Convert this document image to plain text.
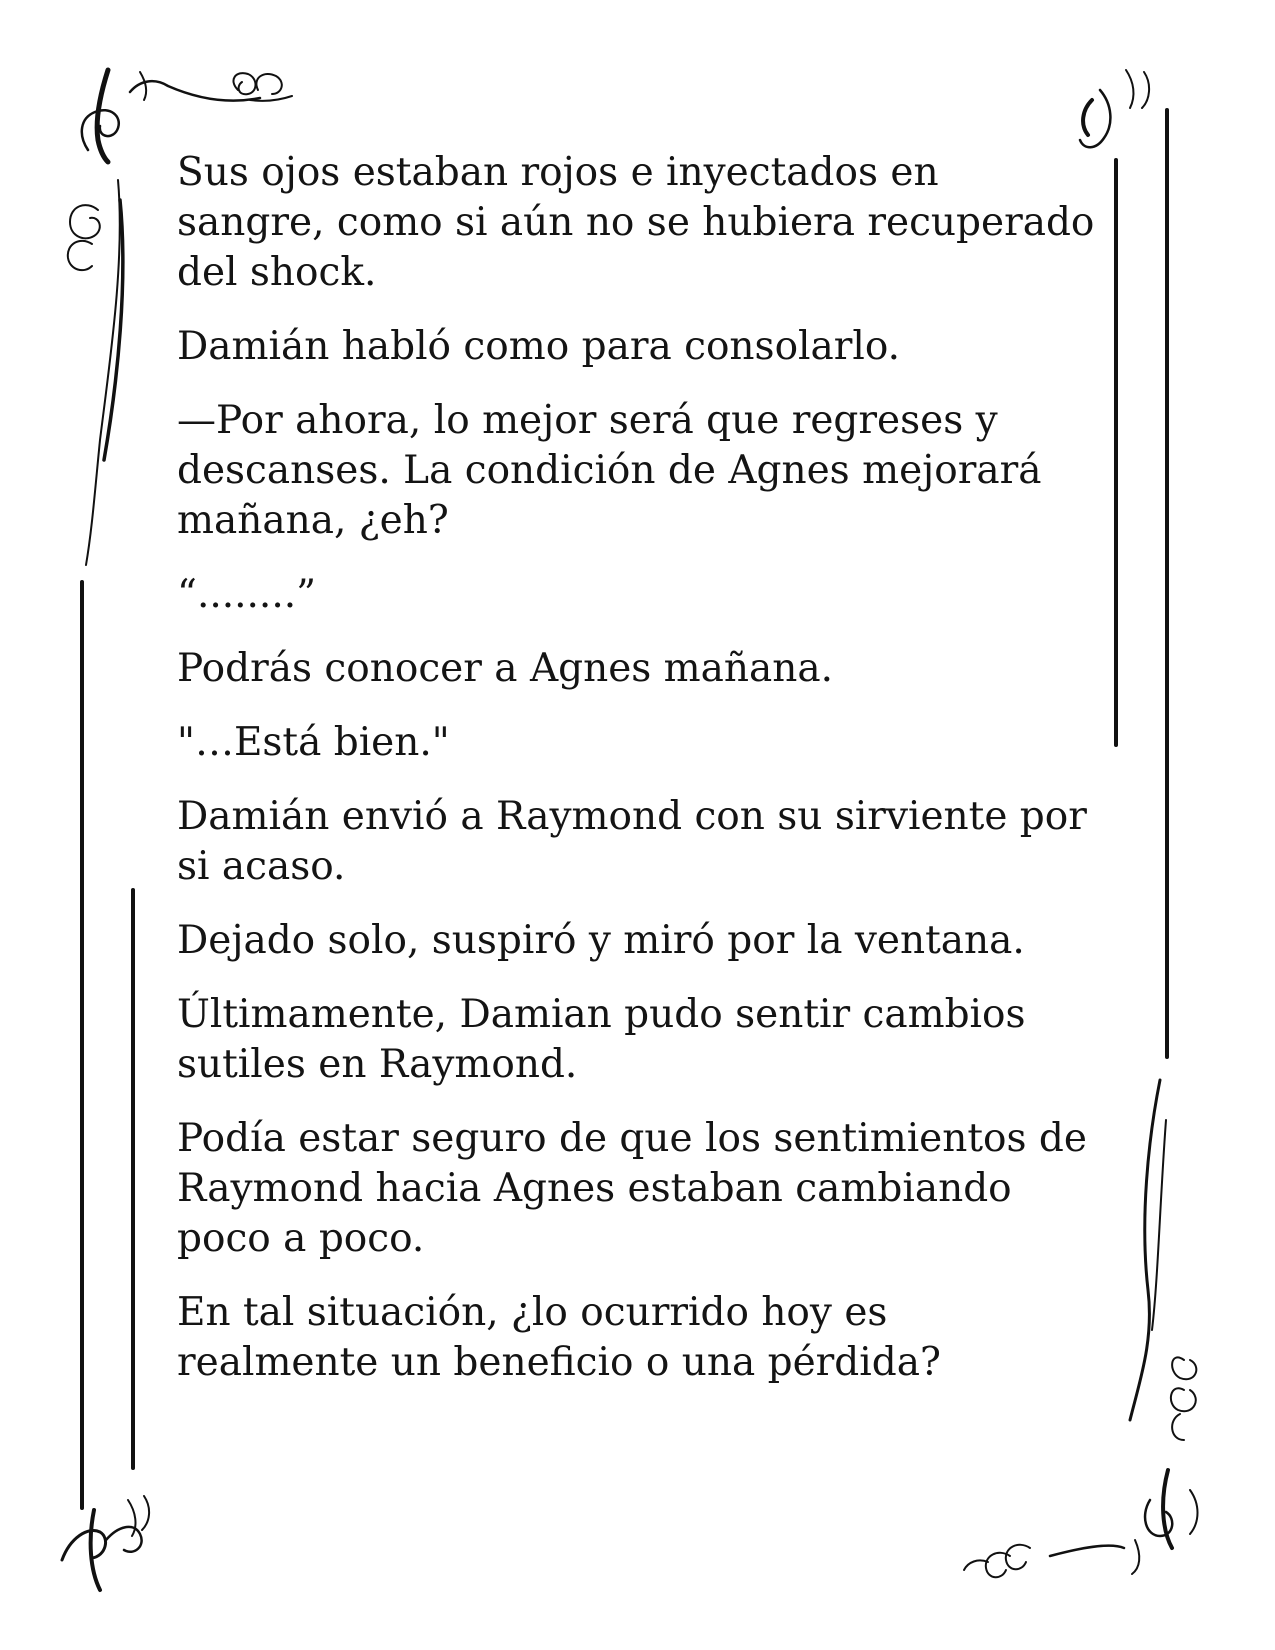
Sus ojos estaban rojos e inyectados en sangre, como si aún no se hubiera recuperado del shock.

Damián habló como para consolarlo.

—Por ahora, lo mejor será que regreses y descanses. La condición de Agnes mejorará mañana, ¿eh?

“........”

Podrás conocer a Agnes mañana.

"…Está bien."

Damián envió a Raymond con su sirviente por si acaso.

Dejado solo, suspiró y miró por la ventana.

Últimamente, Damian pudo sentir cambios sutiles en Raymond.

Podía estar seguro de que los sentimientos de Raymond hacia Agnes estaban cambiando poco a poco.

En tal situación, ¿lo ocurrido hoy es realmente un beneficio o una pérdida?
